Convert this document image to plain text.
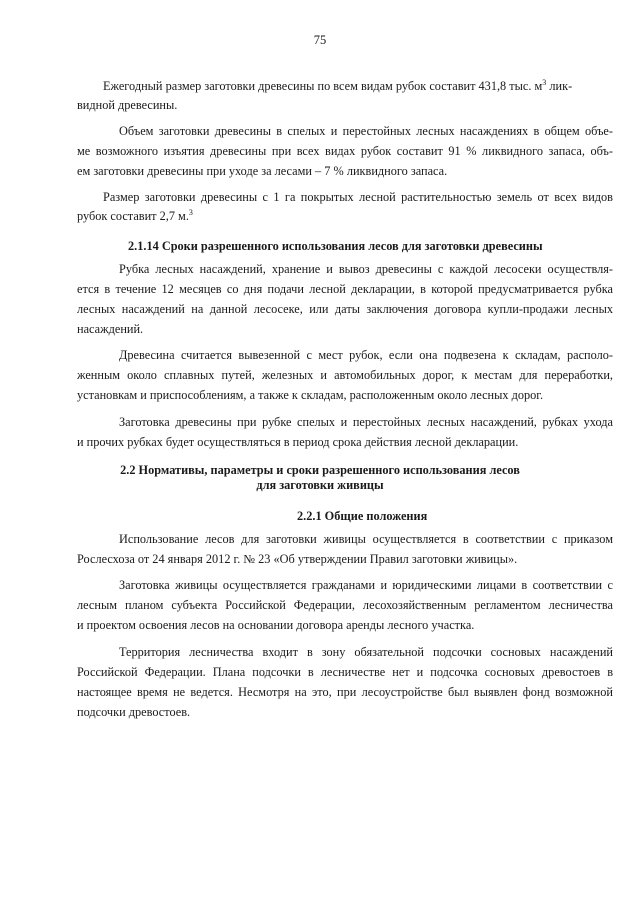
75
Ежегодный размер заготовки древесины по всем видам рубок составит 431,8 тыс. $м^3$ лик-
видной древесины.
Объем заготовки древесины в спелых и перестойных лесных насаждениях в общем объе-
ме возможного изъятия древесины при всех видах рубок составит 91 % ликвидного запаса, объ-
ем заготовки древесины при уходе за лесами – 7 % ликвидного запаса.
Размер заготовки древесины с 1 га покрытых лесной растительностью земель от всех видов
рубок составит 2,7 м.$^3$
2.1.14 Сроки разрешенного использования лесов для заготовки древесины
Рубка лесных насаждений, хранение и вывоз древесины с каждой лесосеки осуществля-
ется в течение 12 месяцев со дня подачи лесной декларации, в которой предусматривается рубка
лесных насаждений на данной лесосеке, или даты заключения договора купли-продажи лесных
насаждений.
Древесина считается вывезенной с мест рубок, если она подвезена к складам, располо-
женным около сплавных путей, железных и автомобильных дорог, к местам для переработки,
установкам и приспособлениям, а также к складам, расположенным около лесных дорог.
Заготовка древесины при рубке спелых и перестойных лесных насаждений, рубках ухода
и прочих рубках будет осуществляться в период срока действия лесной декларации.
2.2 Нормативы, параметры и сроки разрешенного использования лесов
для заготовки живицы
2.2.1 Общие положения
Использование лесов для заготовки живицы осуществляется в соответствии с приказом
Рослесхоза от 24 января 2012 г. № 23 «Об утверждении Правил заготовки живицы».
Заготовка живицы осуществляется гражданами и юридическими лицами в соответствии с
лесным планом субъекта Российской Федерации, лесохозяйственным регламентом лесничества
и проектом освоения лесов на основании договора аренды лесного участка.
Территория лесничества входит в зону обязательной подсочки сосновых насаждений
Российской Федерации. Плана подсочки в лесничестве нет и подсочка сосновых древостоев в
настоящее время не ведется. Несмотря на это, при лесоустройстве был выявлен фонд возможной
подсочки древостоев.
